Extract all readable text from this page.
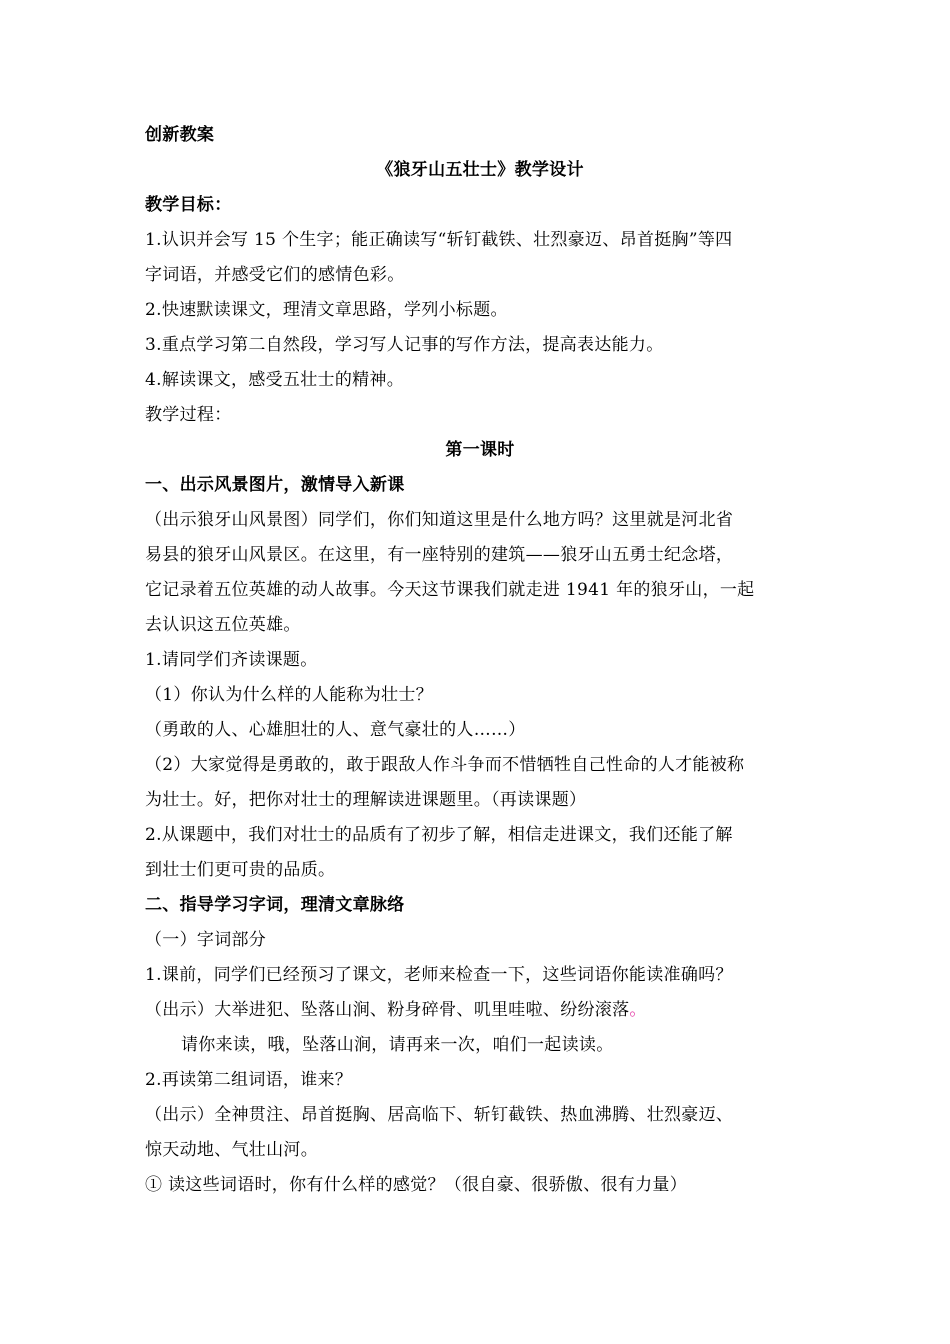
创新教案
《狼牙山五壮士》教学设计
教学目标：
1.认识并会写 15 个生字；能正确读写“斩钉截铁、壮烈豪迈、昂首挺胸”等四
字词语，并感受它们的感情色彩。
2.快速默读课文，理清文章思路，学列小标题。
3.重点学习第二自然段，学习写人记事的写作方法，提高表达能力。
4.解读课文，感受五壮士的精神。
教学过程：
第一课时
一、出示风景图片，激情导入新课
（出示狼牙山风景图）同学们，你们知道这里是什么地方吗？这里就是河北省
易县的狼牙山风景区。在这里，有一座特别的建筑——狼牙山五勇士纪念塔，
它记录着五位英雄的动人故事。今天这节课我们就走进 1941 年的狼牙山，一起
去认识这五位英雄。
1.请同学们齐读课题。
（1）你认为什么样的人能称为壮士？
（勇敢的人、心雄胆壮的人、意气豪壮的人……）
（2）大家觉得是勇敢的，敢于跟敌人作斗争而不惜牺牲自己性命的人才能被称
为壮士。好，把你对壮士的理解读进课题里。（再读课题）
2.从课题中，我们对壮士的品质有了初步了解，相信走进课文，我们还能了解
到壮士们更可贵的品质。
二、指导学习字词，理清文章脉络
（一）字词部分
1.课前，同学们已经预习了课文，老师来检查一下，这些词语你能读准确吗？
（出示）大举进犯、坠落山涧、粉身碎骨、叽里哇啦、纷纷滚落。
请你来读，哦，坠落山涧，请再来一次，咱们一起读读。
2.再读第二组词语，谁来？
（出示）全神贯注、昂首挺胸、居高临下、斩钉截铁、热血沸腾、壮烈豪迈、
惊天动地、气壮山河。
① 读这些词语时，你有什么样的感觉？（很自豪、很骄傲、很有力量）
